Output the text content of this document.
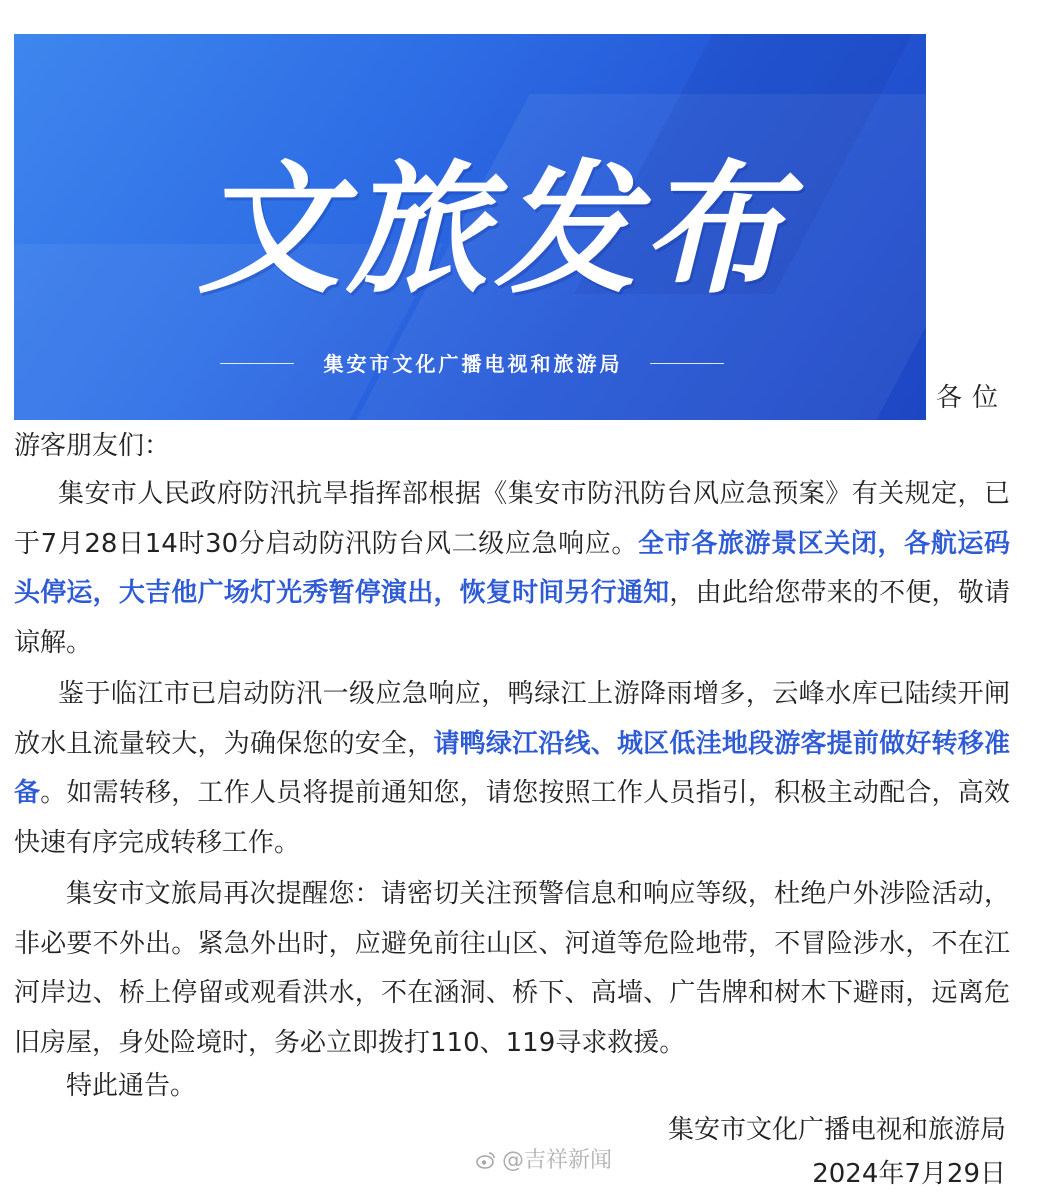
文旅发布
集安市文化广播电视和旅游局
各位
游客朋友们：
集安市人民政府防汛抗旱指挥部根据《集安市防汛防台风应急预案》有关规定，已于7月28日14时30分启动防汛防台风二级应急响应。全市各旅游景区关闭，各航运码头停运，大吉他广场灯光秀暂停演出，恢复时间另行通知，由此给您带来的不便，敬请谅解。
鉴于临江市已启动防汛一级应急响应，鸭绿江上游降雨增多，云峰水库已陆续开闸放水且流量较大，为确保您的安全，请鸭绿江沿线、城区低洼地段游客提前做好转移准备。如需转移，工作人员将提前通知您，请您按照工作人员指引，积极主动配合，高效快速有序完成转移工作。
集安市文旅局再次提醒您：请密切关注预警信息和响应等级，杜绝户外涉险活动，非必要不外出。紧急外出时，应避免前往山区、河道等危险地带，不冒险涉水，不在江河岸边、桥上停留或观看洪水，不在涵洞、桥下、高墙、广告牌和树木下避雨，远离危旧房屋，身处险境时，务必立即拨打110、119寻求救援。
特此通告。
集安市文化广播电视和旅游局
@吉祥新闻	2024年7月29日
